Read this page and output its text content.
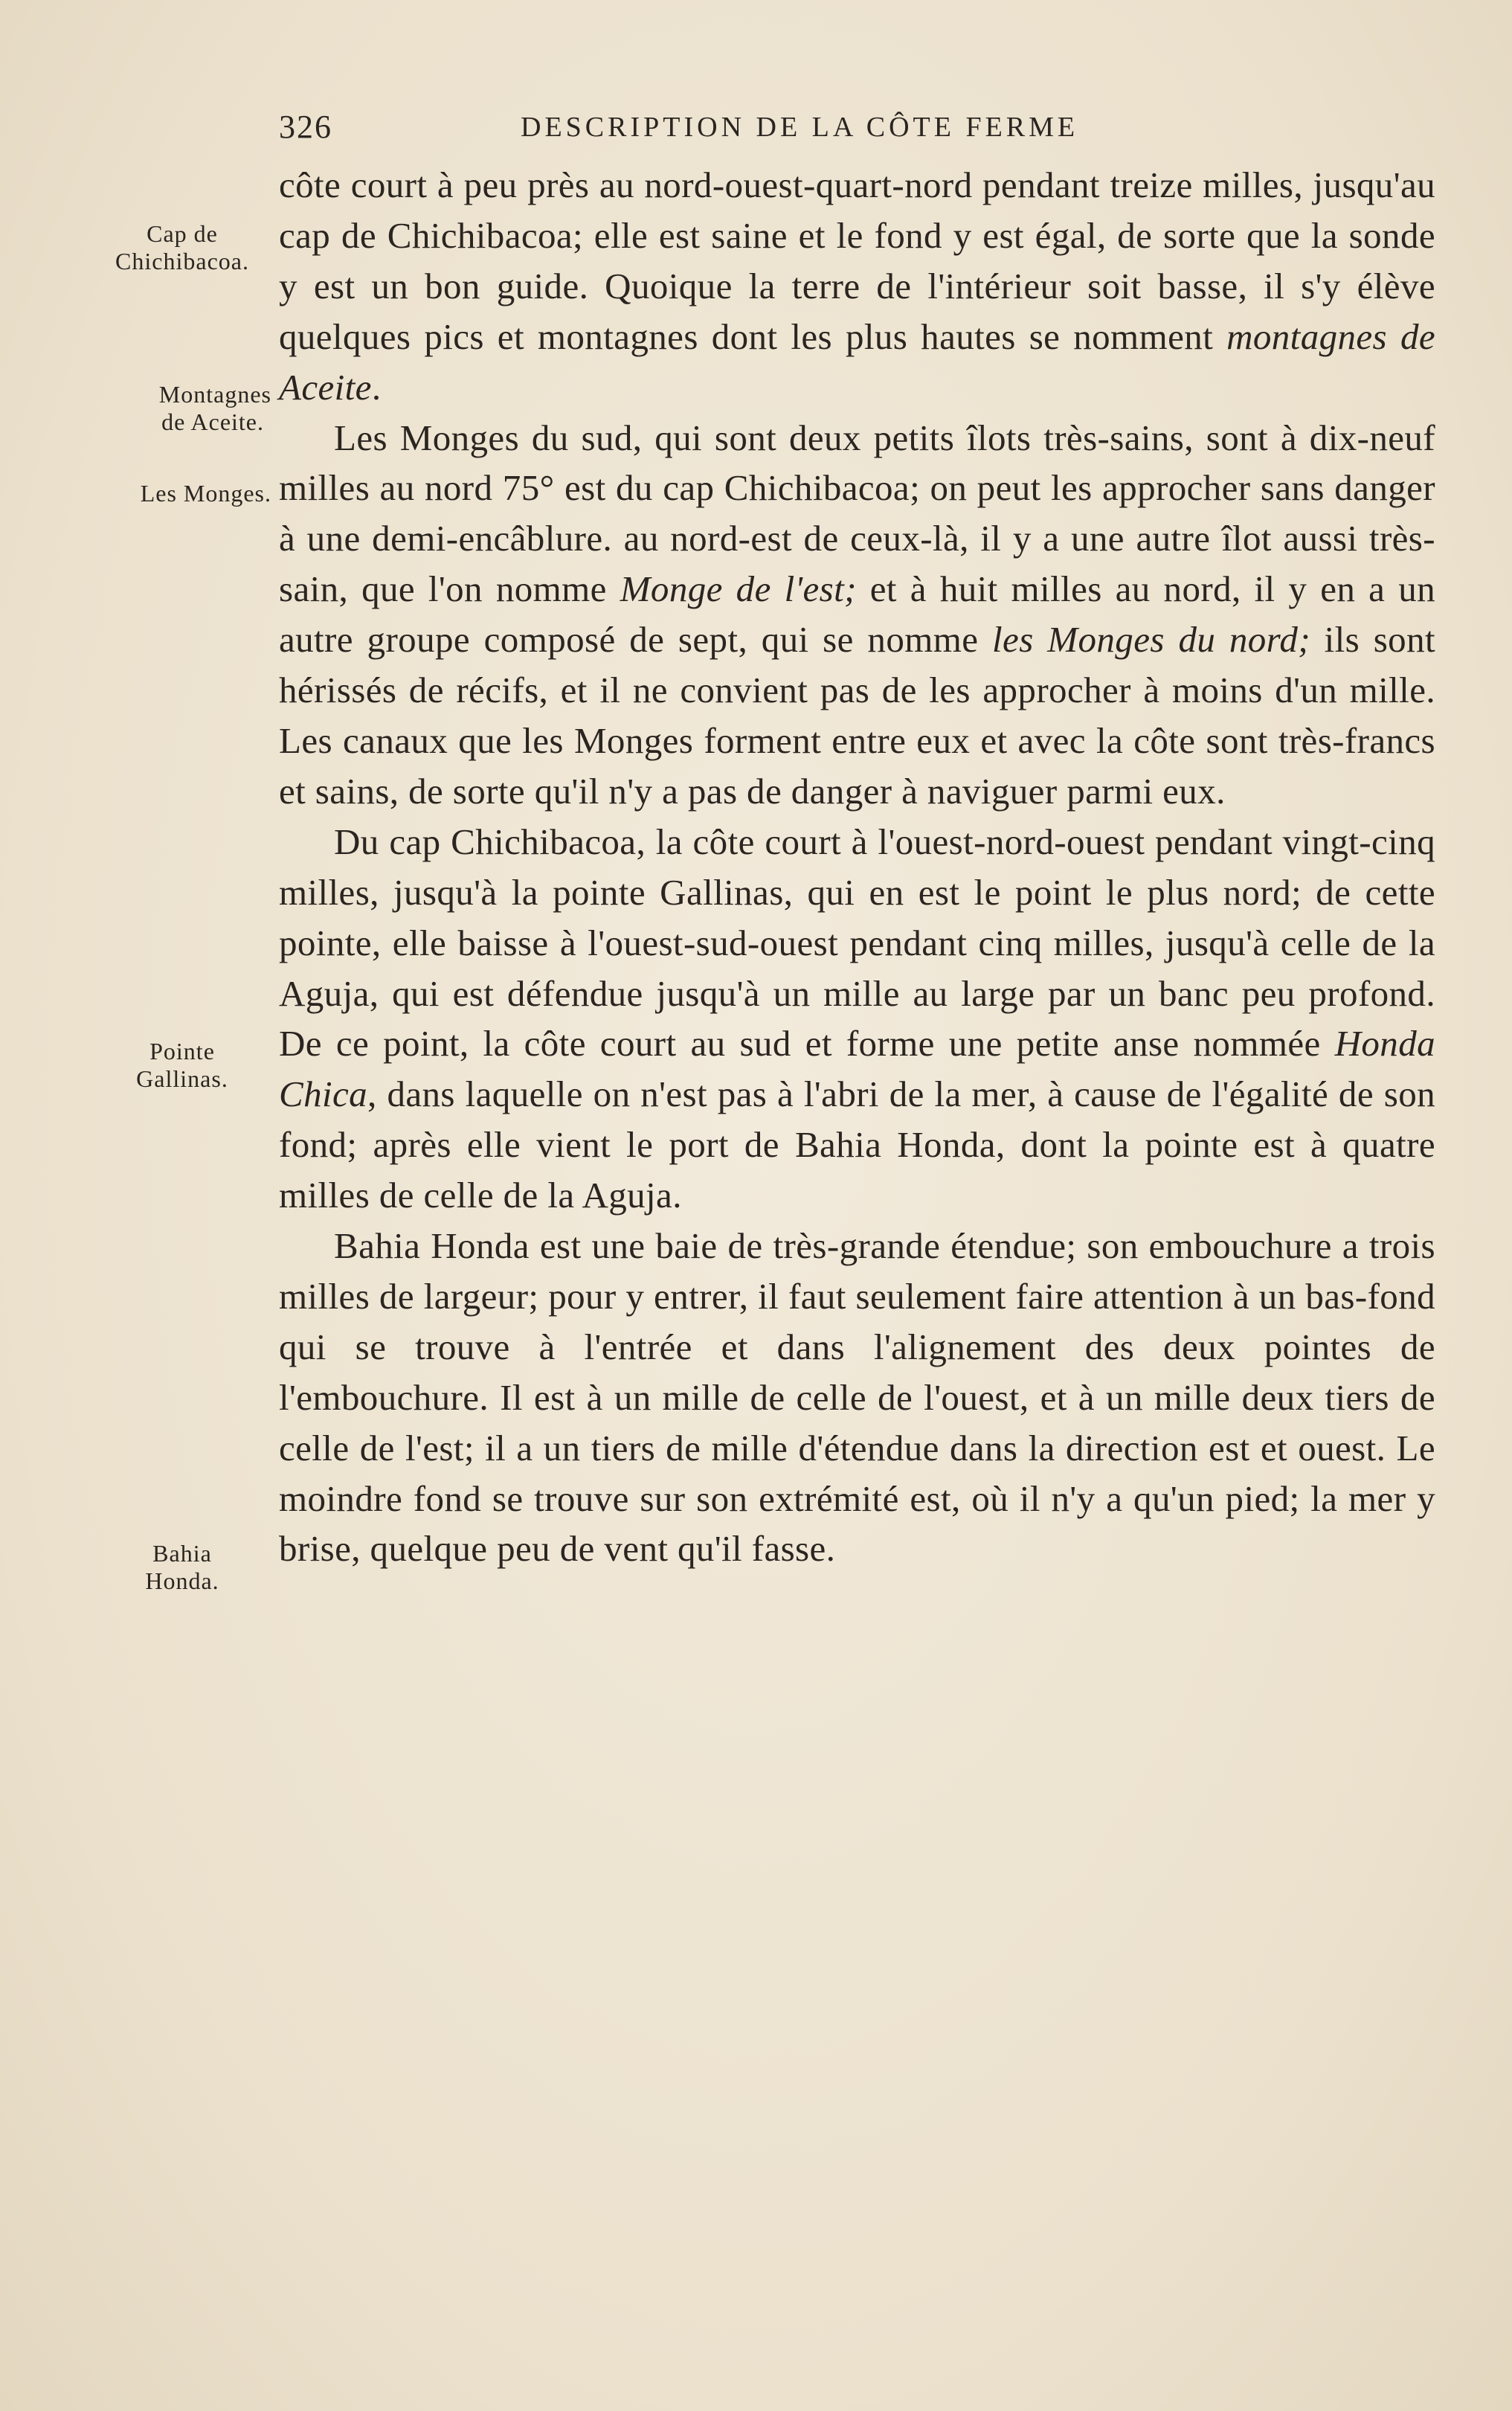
326	DESCRIPTION DE LA CÔTE FERME
Cap de
Chichibacoa.
Montagnes
de Aceite.
Les Monges.
Pointe
Gallinas.
Bahia
Honda.

côte court à peu près au nord-ouest-quart-nord pendant treize milles, jusqu'au cap de Chichibacoa; elle est saine et le fond y est égal, de sorte que la sonde y est un bon guide. Quoique la terre de l'intérieur soit basse, il s'y élève quelques pics et montagnes dont les plus hautes se nomment montagnes de Aceite.

Les Monges du sud, qui sont deux petits îlots très-sains, sont à dix-neuf milles au nord 75° est du cap Chichibacoa; on peut les approcher sans danger à une demi-encâblure. au nord-est de ceux-là, il y a une autre îlot aussi très-sain, que l'on nomme Monge de l'est; et à huit milles au nord, il y en a un autre groupe composé de sept, qui se nomme les Monges du nord; ils sont hérissés de récifs, et il ne convient pas de les approcher à moins d'un mille. Les canaux que les Monges forment entre eux et avec la côte sont très-francs et sains, de sorte qu'il n'y a pas de danger à naviguer parmi eux.

Du cap Chichibacoa, la côte court à l'ouest-nord-ouest pendant vingt-cinq milles, jusqu'à la pointe Gallinas, qui en est le point le plus nord; de cette pointe, elle baisse à l'ouest-sud-ouest pendant cinq milles, jusqu'à celle de la Aguja, qui est défendue jusqu'à un mille au large par un banc peu profond. De ce point, la côte court au sud et forme une petite anse nommée Honda Chica, dans laquelle on n'est pas à l'abri de la mer, à cause de l'égalité de son fond; après elle vient le port de Bahia Honda, dont la pointe est à quatre milles de celle de la Aguja.

Bahia Honda est une baie de très-grande étendue; son embouchure a trois milles de largeur; pour y entrer, il faut seulement faire attention à un bas-fond qui se trouve à l'entrée et dans l'alignement des deux pointes de l'embouchure. Il est à un mille de celle de l'ouest, et à un mille deux tiers de celle de l'est; il a un tiers de mille d'étendue dans la direction est et ouest. Le moindre fond se trouve sur son extrémité est, où il n'y a qu'un pied; la mer y brise, quelque peu de vent qu'il fasse.
